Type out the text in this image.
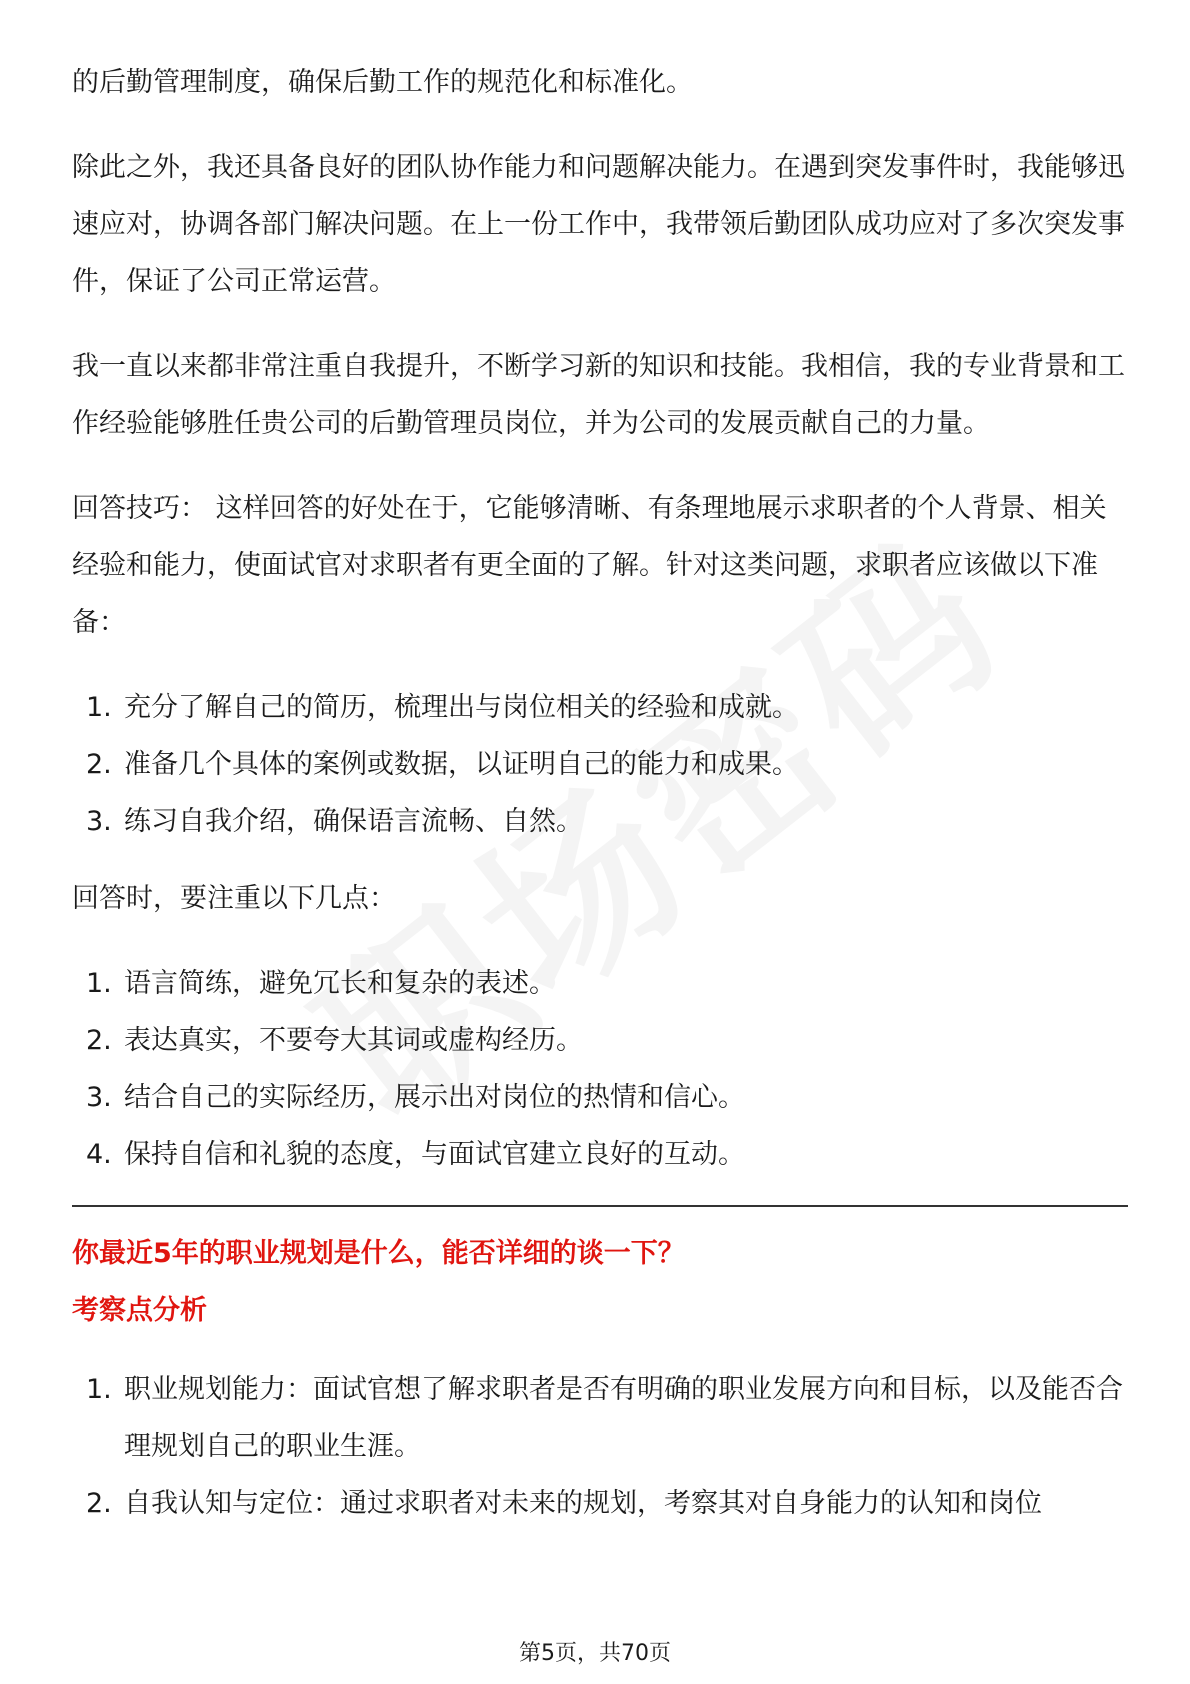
的后勤管理制度，确保后勤工作的规范化和标准化。

除此之外，我还具备良好的团队协作能力和问题解决能力。在遇到突发事件时，我能够迅速应对，协调各部门解决问题。在上一份工作中，我带领后勤团队成功应对了多次突发事件，保证了公司正常运营。

我一直以来都非常注重自我提升，不断学习新的知识和技能。我相信，我的专业背景和工作经验能够胜任贵公司的后勤管理员岗位，并为公司的发展贡献自己的力量。

回答技巧： 这样回答的好处在于，它能够清晰、有条理地展示求职者的个人背景、相关经验和能力，使面试官对求职者有更全面的了解。针对这类问题，求职者应该做以下准备：

1. 充分了解自己的简历，梳理出与岗位相关的经验和成就。
2. 准备几个具体的案例或数据，以证明自己的能力和成果。
3. 练习自我介绍，确保语言流畅、自然。

回答时，要注重以下几点：

1. 语言简练，避免冗长和复杂的表述。
2. 表达真实，不要夸大其词或虚构经历。
3. 结合自己的实际经历，展示出对岗位的热情和信心。
4. 保持自信和礼貌的态度，与面试官建立良好的互动。

你最近5年的职业规划是什么，能否详细的谈一下？

考察点分析

1. 职业规划能力：面试官想了解求职者是否有明确的职业发展方向和目标，以及能否合理规划自己的职业生涯。
2. 自我认知与定位：通过求职者对未来的规划，考察其对自身能力的认知和岗位
第5页，共70页
